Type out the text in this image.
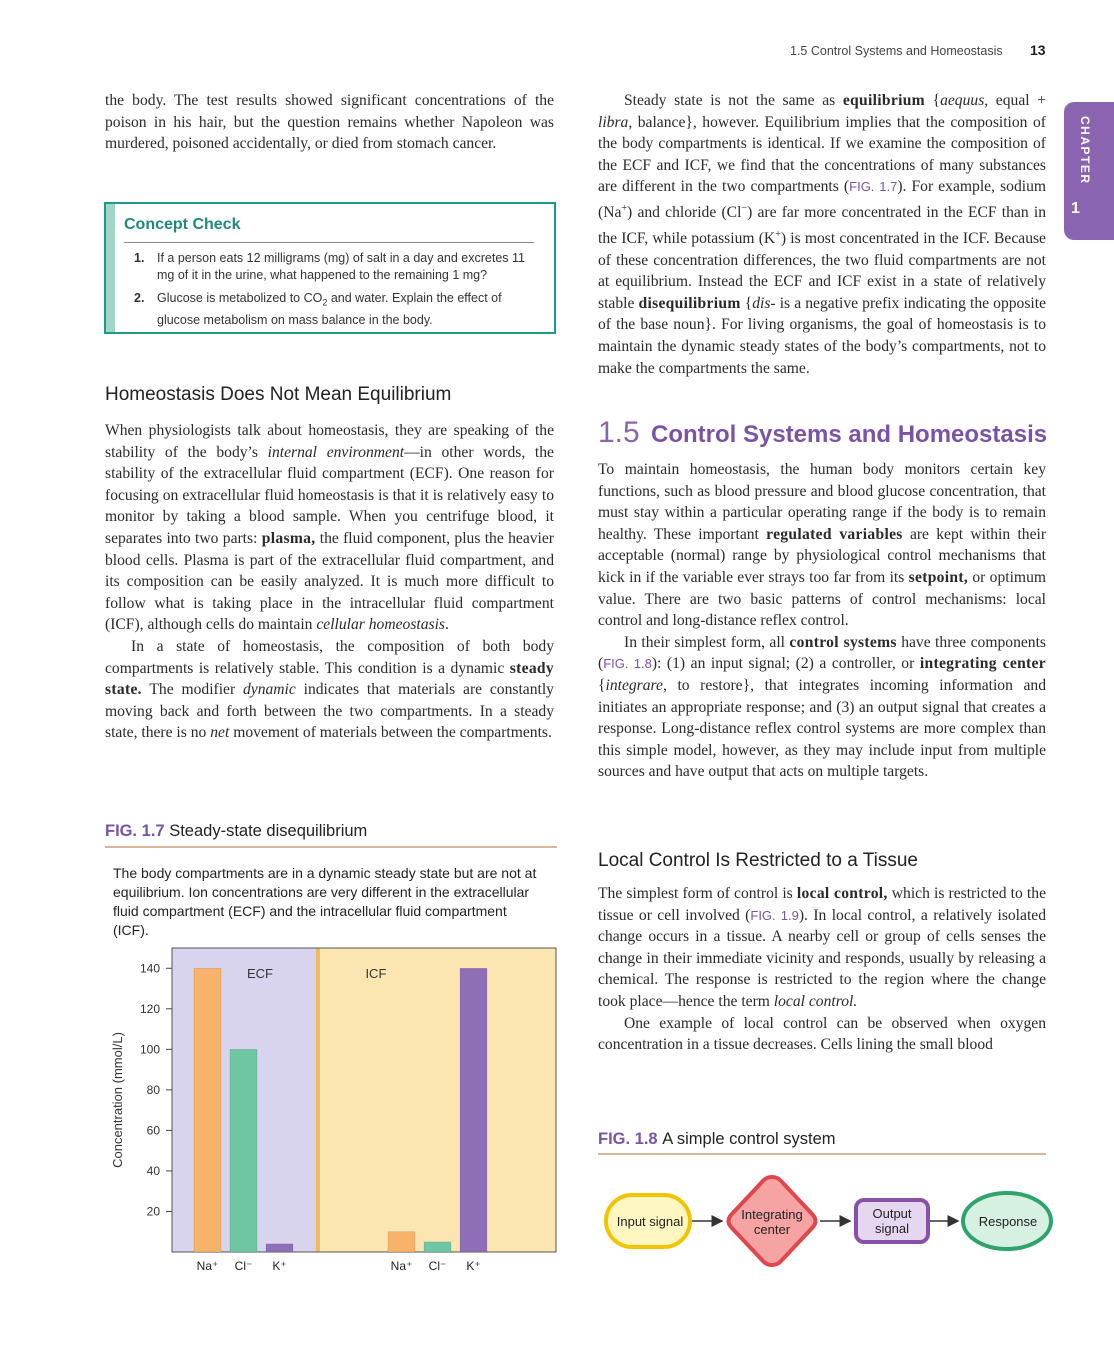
1.5 Control Systems and Homeostasis 13
CHAPTER
1
the body. The test results showed significant concentrations of the poison in his hair, but the question remains whether Napoleon was murdered, poisoned accidentally, or died from stomach cancer.
Concept Check
1.	If a person eats 12 milligrams (mg) of salt in a day and excretes 11 mg of it in the urine, what happened to the remaining 1 mg?
2.	Glucose is metabolized to $CO_2$ and water. Explain the effect of glucose metabolism on mass balance in the body.
Homeostasis Does Not Mean Equilibrium

When physiologists talk about homeostasis, they are speaking of the stability of the body’s internal environment—in other words, the stability of the extracellular fluid compartment (ECF). One reason for focusing on extracellular fluid homeostasis is that it is relatively easy to monitor by taking a blood sample. When you centrifuge blood, it separates into two parts: plasma, the fluid component, plus the heavier blood cells. Plasma is part of the extracellular fluid compartment, and its composition can be easily analyzed. It is much more difficult to follow what is taking place in the intracellular fluid compartment (ICF), although cells do maintain cellular homeostasis.

In a state of homeostasis, the composition of both body compartments is relatively stable. This condition is a dynamic steady state. The modifier dynamic indicates that materials are constantly moving back and forth between the two compartments. In a steady state, there is no net movement of materials between the compartments.

FIG. 1.7 Steady-state disequilibrium
The body compartments are in a dynamic steady state but are not at equilibrium. Ion concentrations are very different in the extracellular fluid compartment (ECF) and the intracellular fluid compartment (ICF).
20
40
60
80
100
120
140
Concentration (mmol/L)
ECF	ICF
Na⁺ Cl⁻ K⁺	Na⁺ Cl⁻ K⁺

Steady state is not the same as equilibrium {aequus, equal + libra, balance}, however. Equilibrium implies that the composition of the body compartments is identical. If we examine the composition of the ECF and ICF, we find that the concentrations of many substances are different in the two compartments (FIG. 1.7). For example, sodium (Na+) and chloride (Cl−) are far more concentrated in the ECF than in the ICF, while potassium (K+) is most concentrated in the ICF. Because of these concentration differences, the two fluid compartments are not at equilibrium. Instead the ECF and ICF exist in a state of relatively stable disequilibrium {dis- is a negative prefix indicating the opposite of the base noun}. For living organisms, the goal of homeostasis is to maintain the dynamic steady states of the body’s compartments, not to make the compartments the same.

1.5 Control Systems and Homeostasis

To maintain homeostasis, the human body monitors certain key functions, such as blood pressure and blood glucose concentration, that must stay within a particular operating range if the body is to remain healthy. These important regulated variables are kept within their acceptable (normal) range by physiological control mechanisms that kick in if the variable ever strays too far from its setpoint, or optimum value. There are two basic patterns of control mechanisms: local control and long-distance reflex control.

In their simplest form, all control systems have three components (FIG. 1.8): (1) an input signal; (2) a controller, or integrating center {integrare, to restore}, that integrates incoming information and initiates an appropriate response; and (3) an output signal that creates a response. Long-distance reflex control systems are more complex than this simple model, however, as they may include input from multiple sources and have output that acts on multiple targets.

Local Control Is Restricted to a Tissue

The simplest form of control is local control, which is restricted to the tissue or cell involved (FIG. 1.9). In local control, a relatively isolated change occurs in a tissue. A nearby cell or group of cells senses the change in their immediate vicinity and responds, usually by releasing a chemical. The response is restricted to the region where the change took place—hence the term local control.

One example of local control can be observed when oxygen concentration in a tissue decreases. Cells lining the small blood

FIG. 1.8 A simple control system
Input signal	Integrating center
Output signal	Response
